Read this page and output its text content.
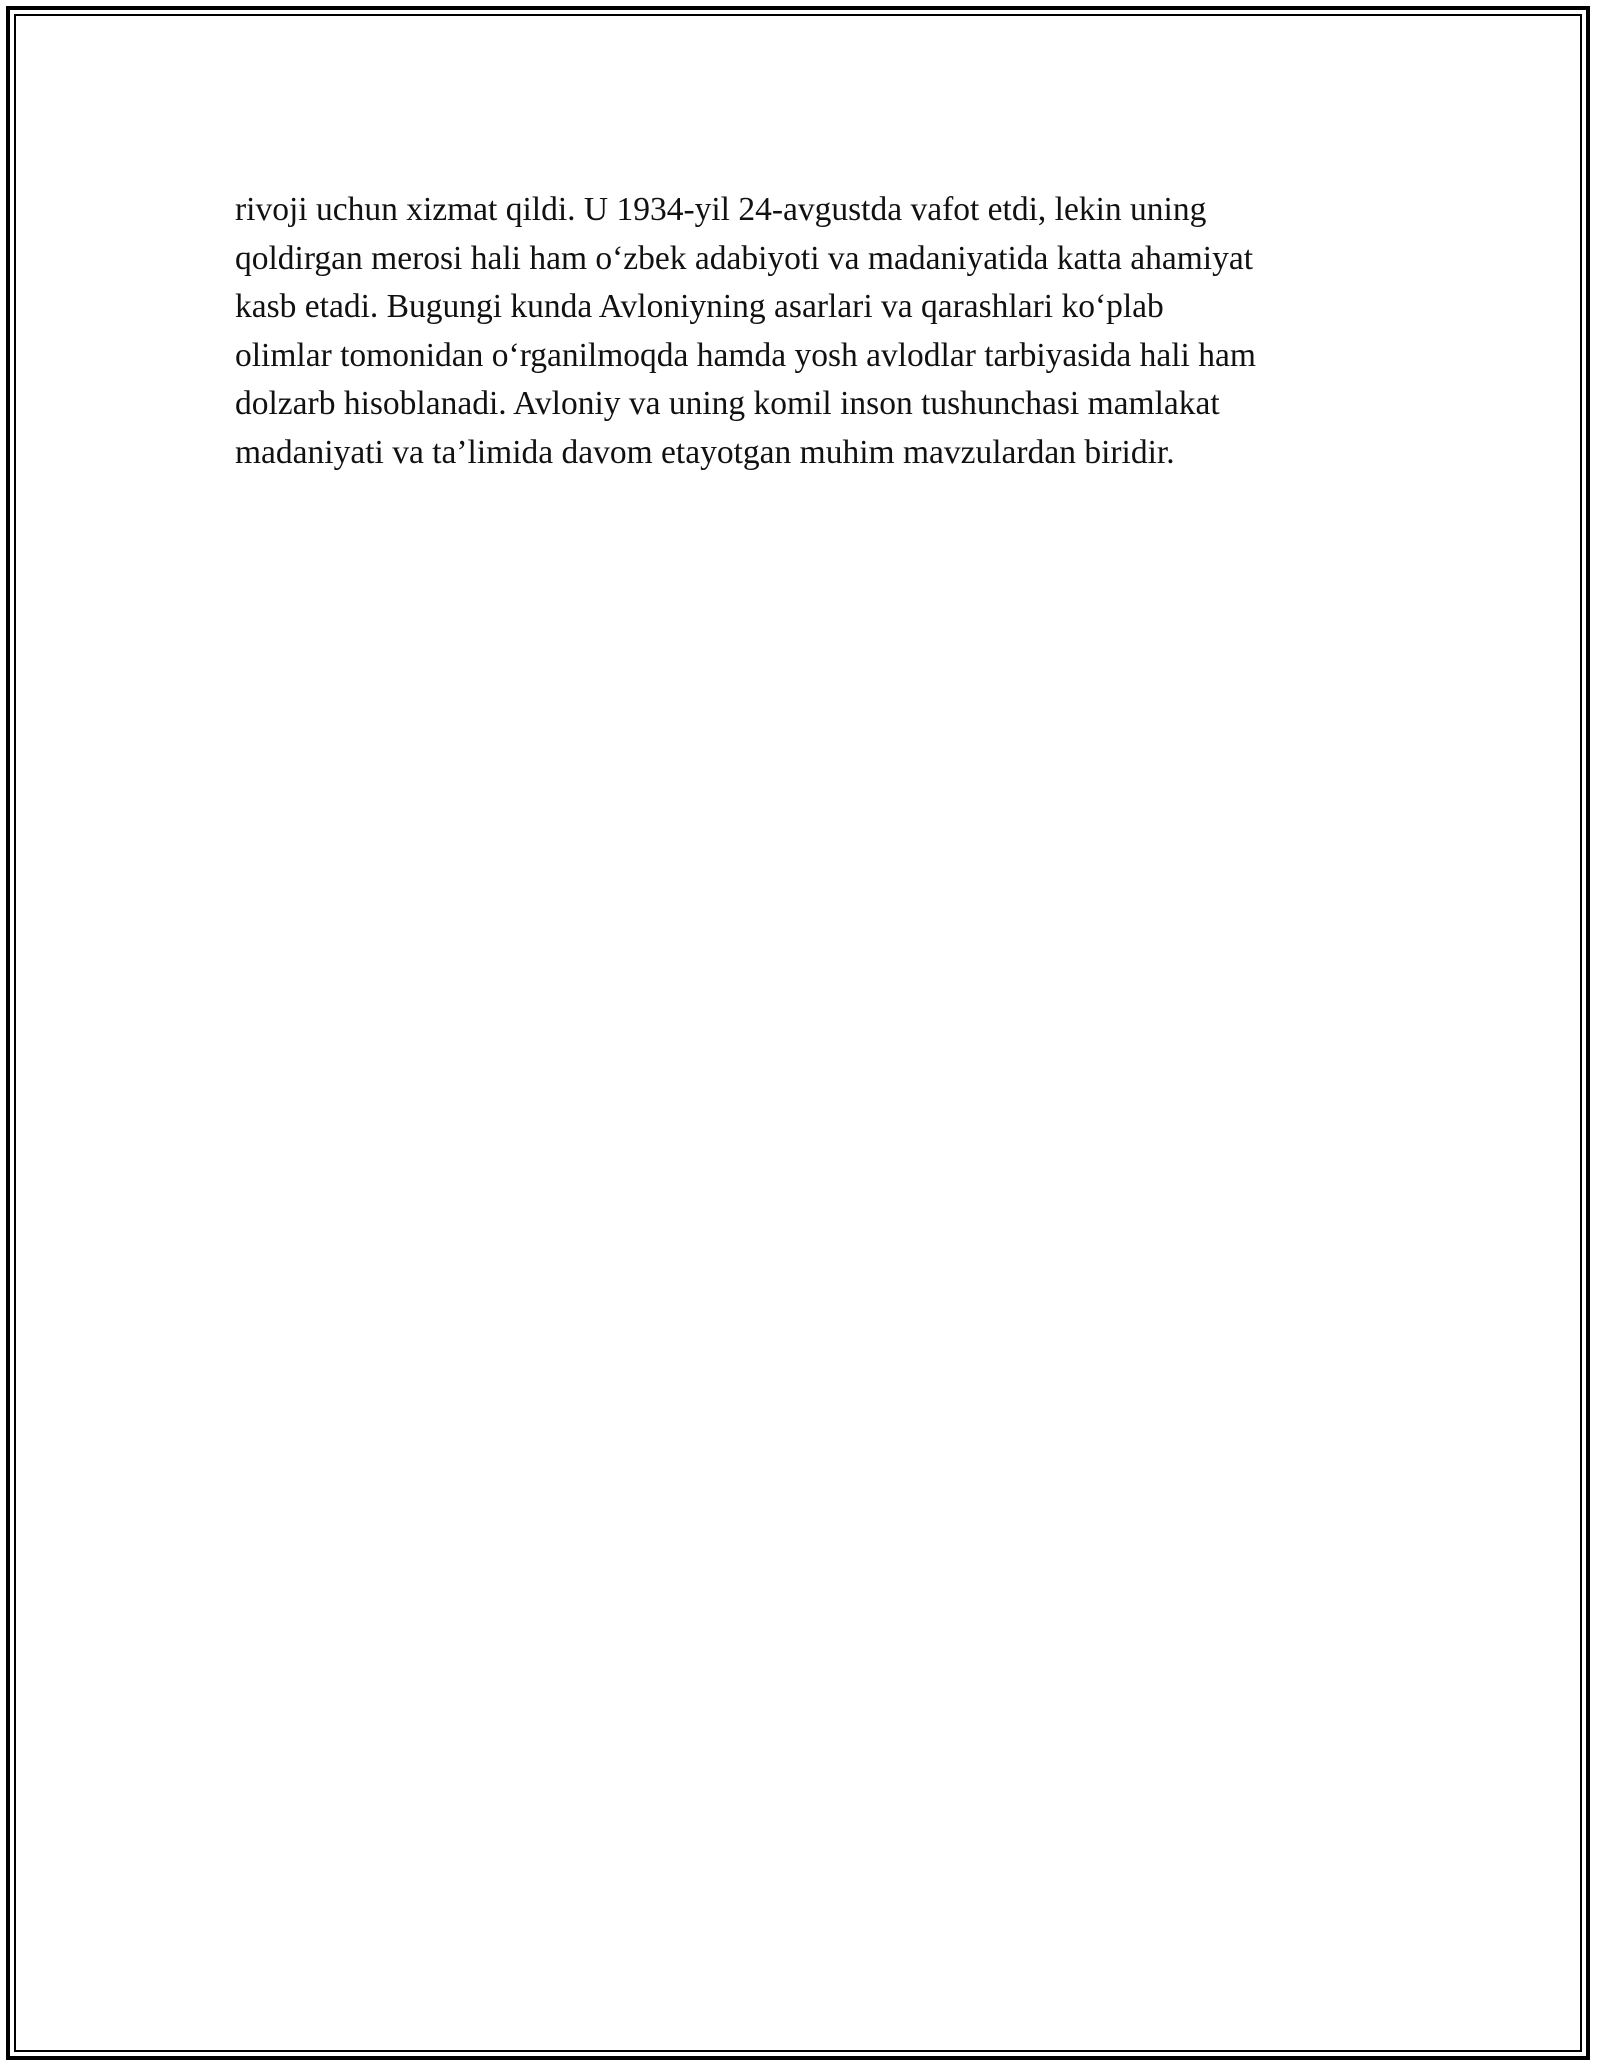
rivoji uchun xizmat qildi. U 1934-yil 24-avgustda vafot etdi, lekin uning
qoldirgan merosi hali ham o‘zbek adabiyoti va madaniyatida katta ahamiyat
kasb etadi. Bugungi kunda Avloniyning asarlari va qarashlari ko‘plab
olimlar tomonidan o‘rganilmoqda hamda yosh avlodlar tarbiyasida hali ham
dolzarb hisoblanadi. Avloniy va uning komil inson tushunchasi mamlakat
madaniyati va ta’limida davom etayotgan muhim mavzulardan biridir.
